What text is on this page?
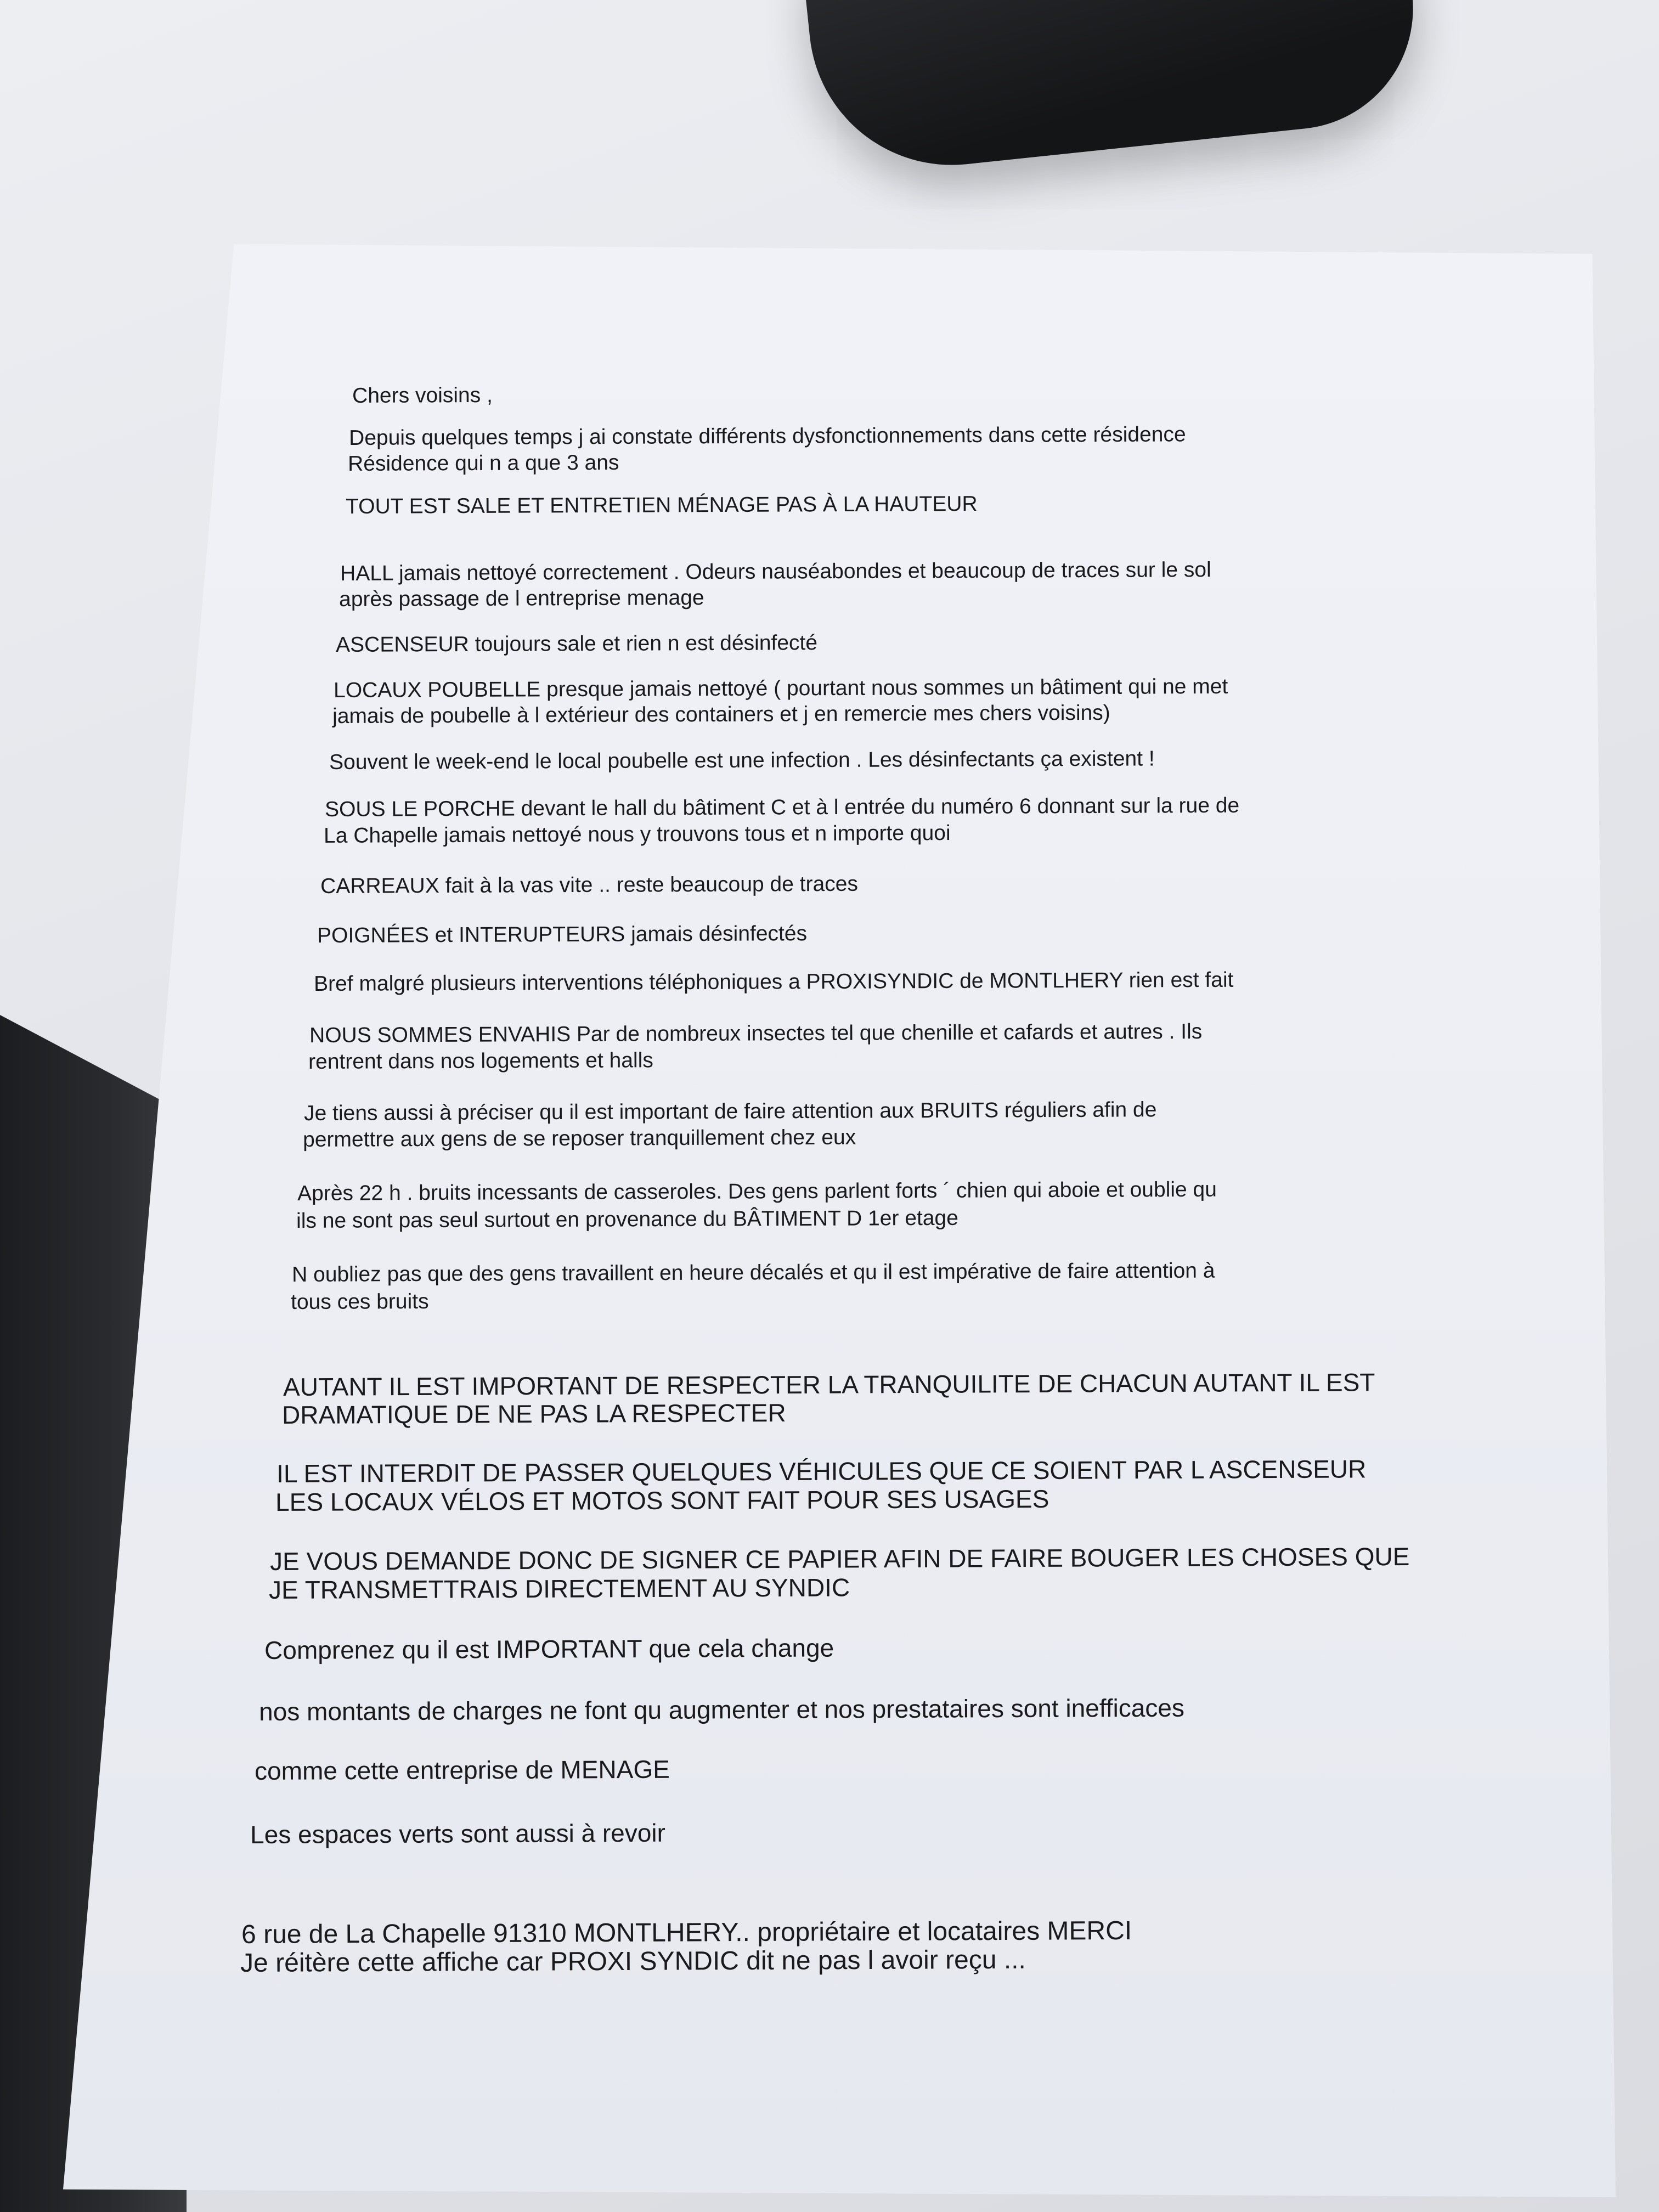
Chers voisins ,

Depuis quelques temps j ai constate différents dysfonctionnements dans cette résidence

Résidence qui n a que 3 ans

TOUT EST SALE ET ENTRETIEN MÉNAGE PAS À LA HAUTEUR

HALL jamais nettoyé correctement . Odeurs nauséabondes et beaucoup de traces sur le sol

après passage de l entreprise menage

ASCENSEUR toujours sale et rien n est désinfecté

LOCAUX POUBELLE presque jamais nettoyé ( pourtant nous sommes un bâtiment qui ne met

jamais de poubelle à l extérieur des containers et j en remercie mes chers voisins)

Souvent le week-end le local poubelle est une infection . Les désinfectants ça existent !

SOUS LE PORCHE devant le hall du bâtiment C et à l entrée du numéro 6 donnant sur la rue de

La Chapelle jamais nettoyé nous y trouvons tous et n importe quoi

CARREAUX fait à la vas vite .. reste beaucoup de traces

POIGNÉES et INTERUPTEURS jamais désinfectés

Bref malgré plusieurs interventions téléphoniques a PROXISYNDIC de MONTLHERY rien est fait

NOUS SOMMES ENVAHIS Par de nombreux insectes tel que chenille et cafards et autres . Ils

rentrent dans nos logements et halls

Je tiens aussi à préciser qu il est important de faire attention aux BRUITS réguliers afin de

permettre aux gens de se reposer tranquillement chez eux

Après 22 h . bruits incessants de casseroles. Des gens parlent forts ´ chien qui aboie et oublie qu

ils ne sont pas seul surtout en provenance du BÂTIMENT D 1er etage

N oubliez pas que des gens travaillent en heure décalés et qu il est impérative de faire attention à

tous ces bruits

AUTANT IL EST IMPORTANT DE RESPECTER LA TRANQUILITE DE CHACUN AUTANT IL EST

DRAMATIQUE DE NE PAS LA RESPECTER

IL EST INTERDIT DE PASSER QUELQUES VÉHICULES QUE CE SOIENT PAR L ASCENSEUR

LES LOCAUX VÉLOS ET MOTOS SONT FAIT POUR SES USAGES

JE VOUS DEMANDE DONC DE SIGNER CE PAPIER AFIN DE FAIRE BOUGER LES CHOSES QUE

JE TRANSMETTRAIS DIRECTEMENT AU SYNDIC

Comprenez qu il est IMPORTANT que cela change

nos montants de charges ne font qu augmenter et nos prestataires sont inefficaces

comme cette entreprise de MENAGE

Les espaces verts sont aussi à revoir

6 rue de La Chapelle 91310 MONTLHERY.. propriétaire et locataires MERCI

Je réitère cette affiche car PROXI SYNDIC dit ne pas l avoir reçu ...
